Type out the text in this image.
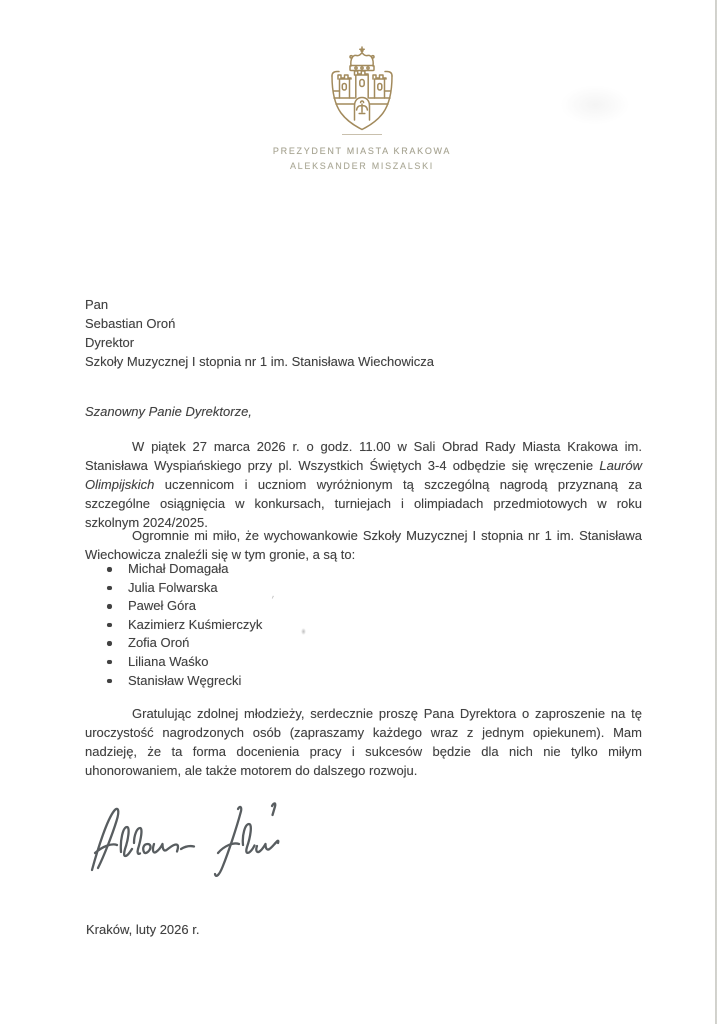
PREZYDENT MIASTA KRAKOWA
ALEKSANDER MISZALSKI
Pan
Sebastian Oroń
Dyrektor
Szkoły Muzycznej I stopnia nr 1 im. Stanisława Wiechowicza
Szanowny Panie Dyrektorze,

W piątek 27 marca 2026 r. o godz. 11.00 w Sali Obrad Rady Miasta Krakowa im. Stanisława Wyspiańskiego przy pl. Wszystkich Świętych 3-4 odbędzie się wręczenie Laurów Olimpijskich uczennicom i uczniom wyróżnionym tą szczególną nagrodą przyznaną za szczególne osiągnięcia w konkursach, turniejach i olimpiadach przedmiotowych w roku szkolnym 2024/2025.

Ogromnie mi miło, że wychowankowie Szkoły Muzycznej I stopnia nr 1 im. Stanisława Wiechowicza znaleźli się w tym gronie, a są to:

Michał Domagała
Julia Folwarska
Paweł Góra
Kazimierz Kuśmierczyk
Zofia Oroń
Liliana Waśko
Stanisław Węgrecki

Gratulując zdolnej młodzieży, serdecznie proszę Pana Dyrektora o zaproszenie na tę uroczystość nagrodzonych osób (zapraszamy każdego wraz z jednym opiekunem). Mam nadzieję, że ta forma docenienia pracy i sukcesów będzie dla nich nie tylko miłym uhonorowaniem, ale także motorem do dalszego rozwoju.

Kraków, luty 2026 r.
′
